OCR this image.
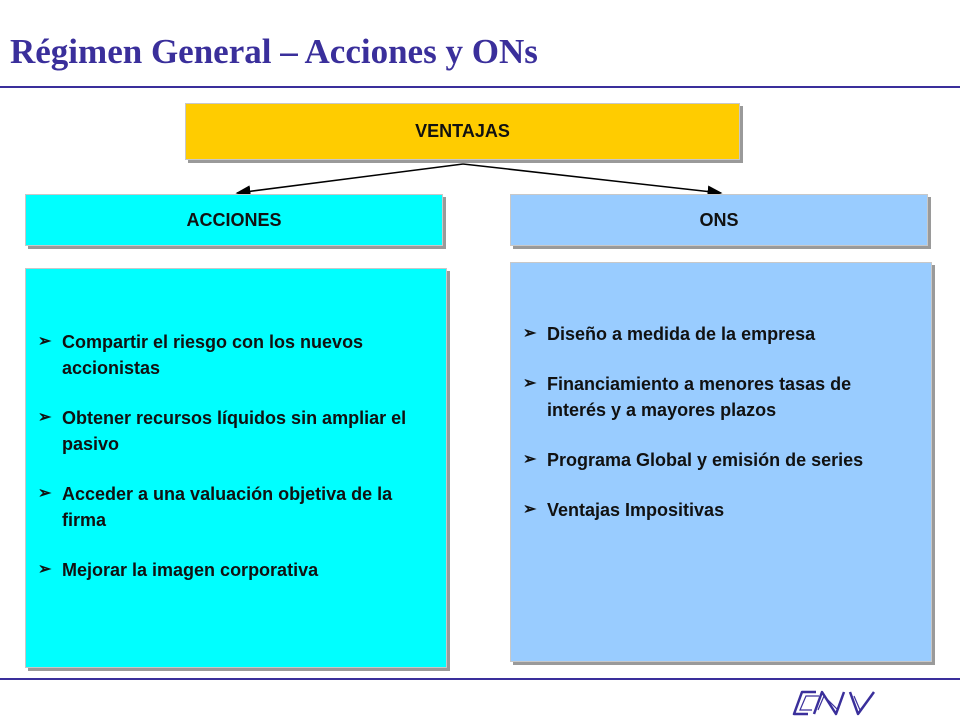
Régimen General – Acciones y ONs
VENTAJAS
ACCIONES	ONS
➢ Compartir el riesgo con los nuevos accionistas
➢ Obtener recursos líquidos sin ampliar el pasivo
➢ Acceder a una valuación objetiva de la firma
➢ Mejorar la imagen corporativa
➢ Diseño a medida de la empresa
➢ Financiamiento a menores tasas de interés y a mayores plazos
➢ Programa Global y emisión de series
➢ Ventajas Impositivas
